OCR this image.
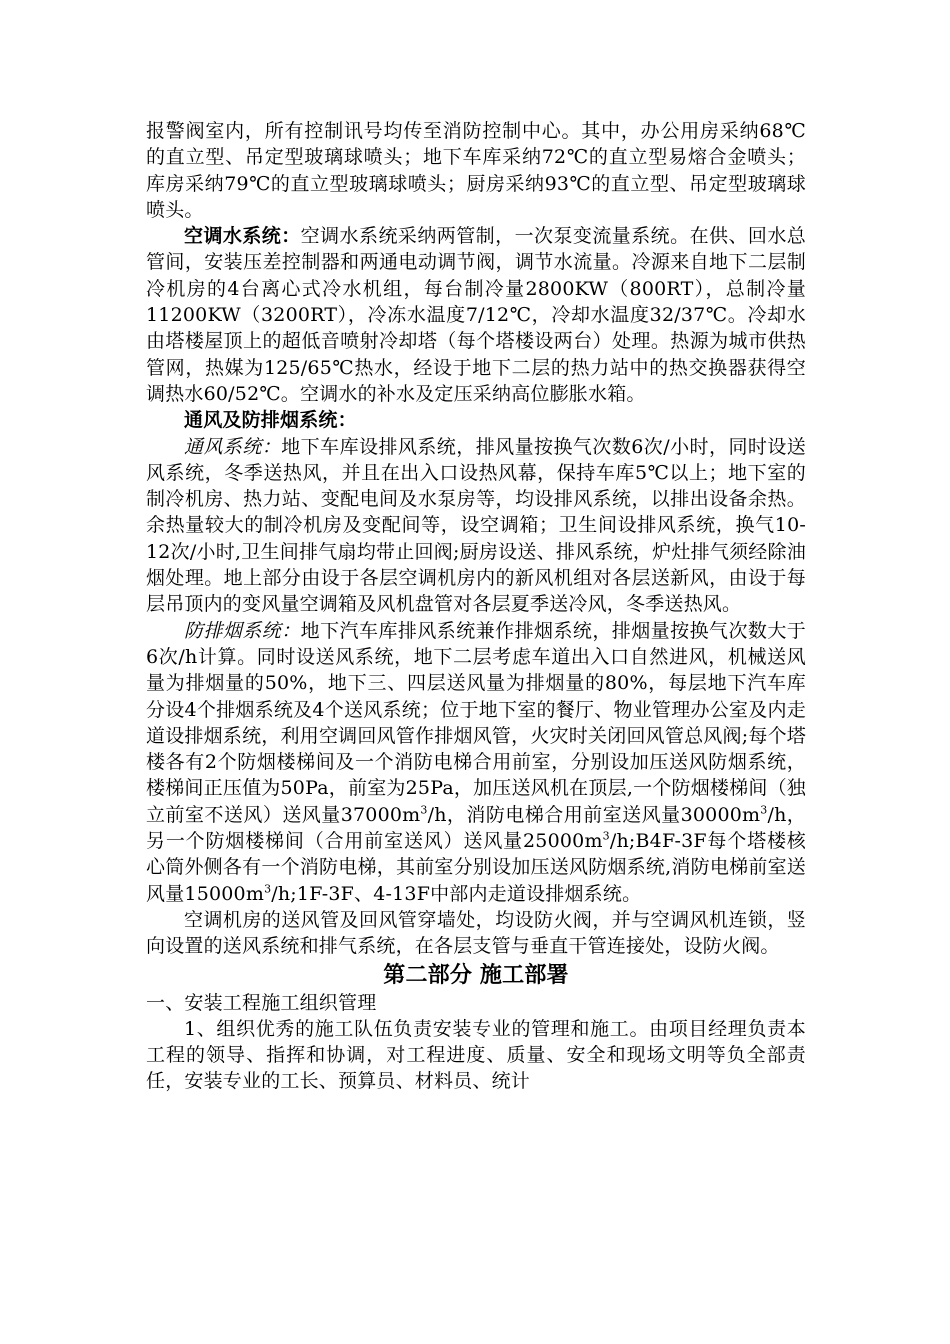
报警阀室内，所有控制讯号均传至消防控制中心。其中，办公用房采纳68℃的直立型、吊定型玻璃球喷头；地下车库采纳72℃的直立型易熔合金喷头；库房采纳79℃的直立型玻璃球喷头；厨房采纳93℃的直立型、吊定型玻璃球喷头。

空调水系统：空调水系统采纳两管制，一次泵变流量系统。在供、回水总管间，安装压差控制器和两通电动调节阀，调节水流量。冷源来自地下二层制冷机房的4台离心式冷水机组，每台制冷量2800KW（800RT），总制冷量11200KW（3200RT），冷冻水温度7/12℃，冷却水温度32/37℃。冷却水由塔楼屋顶上的超低音喷射冷却塔（每个塔楼设两台）处理。热源为城市供热管网，热媒为125/65℃热水，经设于地下二层的热力站中的热交换器获得空调热水60/52℃。空调水的补水及定压采纳高位膨胀水箱。

通风及防排烟系统：

通风系统：地下车库设排风系统，排风量按换气次数6次/小时，同时设送风系统，冬季送热风，并且在出入口设热风幕，保持车库5℃以上；地下室的制冷机房、热力站、变配电间及水泵房等，均设排风系统，以排出设备余热。余热量较大的制冷机房及变配间等，设空调箱；卫生间设排风系统，换气10-12次/小时,卫生间排气扇均带止回阀;厨房设送、排风系统，炉灶排气须经除油烟处理。地上部分由设于各层空调机房内的新风机组对各层送新风，由设于每层吊顶内的变风量空调箱及风机盘管对各层夏季送冷风，冬季送热风。

防排烟系统：地下汽车库排风系统兼作排烟系统，排烟量按换气次数大于6次/h计算。同时设送风系统，地下二层考虑车道出入口自然进风，机械送风量为排烟量的50%，地下三、四层送风量为排烟量的80%，每层地下汽车库分设4个排烟系统及4个送风系统；位于地下室的餐厅、物业管理办公室及内走道设排烟系统，利用空调回风管作排烟风管，火灾时关闭回风管总风阀;每个塔楼各有2个防烟楼梯间及一个消防电梯合用前室，分别设加压送风防烟系统，楼梯间正压值为50Pa，前室为25Pa，加压送风机在顶层,一个防烟楼梯间（独立前室不送风）送风量$37000m^3/h$，消防电梯合用前室送风量$30000m^3/h$，另一个防烟楼梯间（合用前室送风）送风量$25000m^3/h;B4F-3F$每个塔楼核心筒外侧各有一个消防电梯，其前室分别设加压送风防烟系统,消防电梯前室送风量$15000m^3/h;1F-3F$、4-13F中部内走道设排烟系统。

空调机房的送风管及回风管穿墙处，均设防火阀，并与空调风机连锁，竖向设置的送风系统和排气系统，在各层支管与垂直干管连接处，设防火阀。

第二部分 施工部署

一、安装工程施工组织管理

1、组织优秀的施工队伍负责安装专业的管理和施工。由项目经理负责本工程的领导、指挥和协调，对工程进度、质量、安全和现场文明等负全部责任，安装专业的工长、预算员、材料员、统计
